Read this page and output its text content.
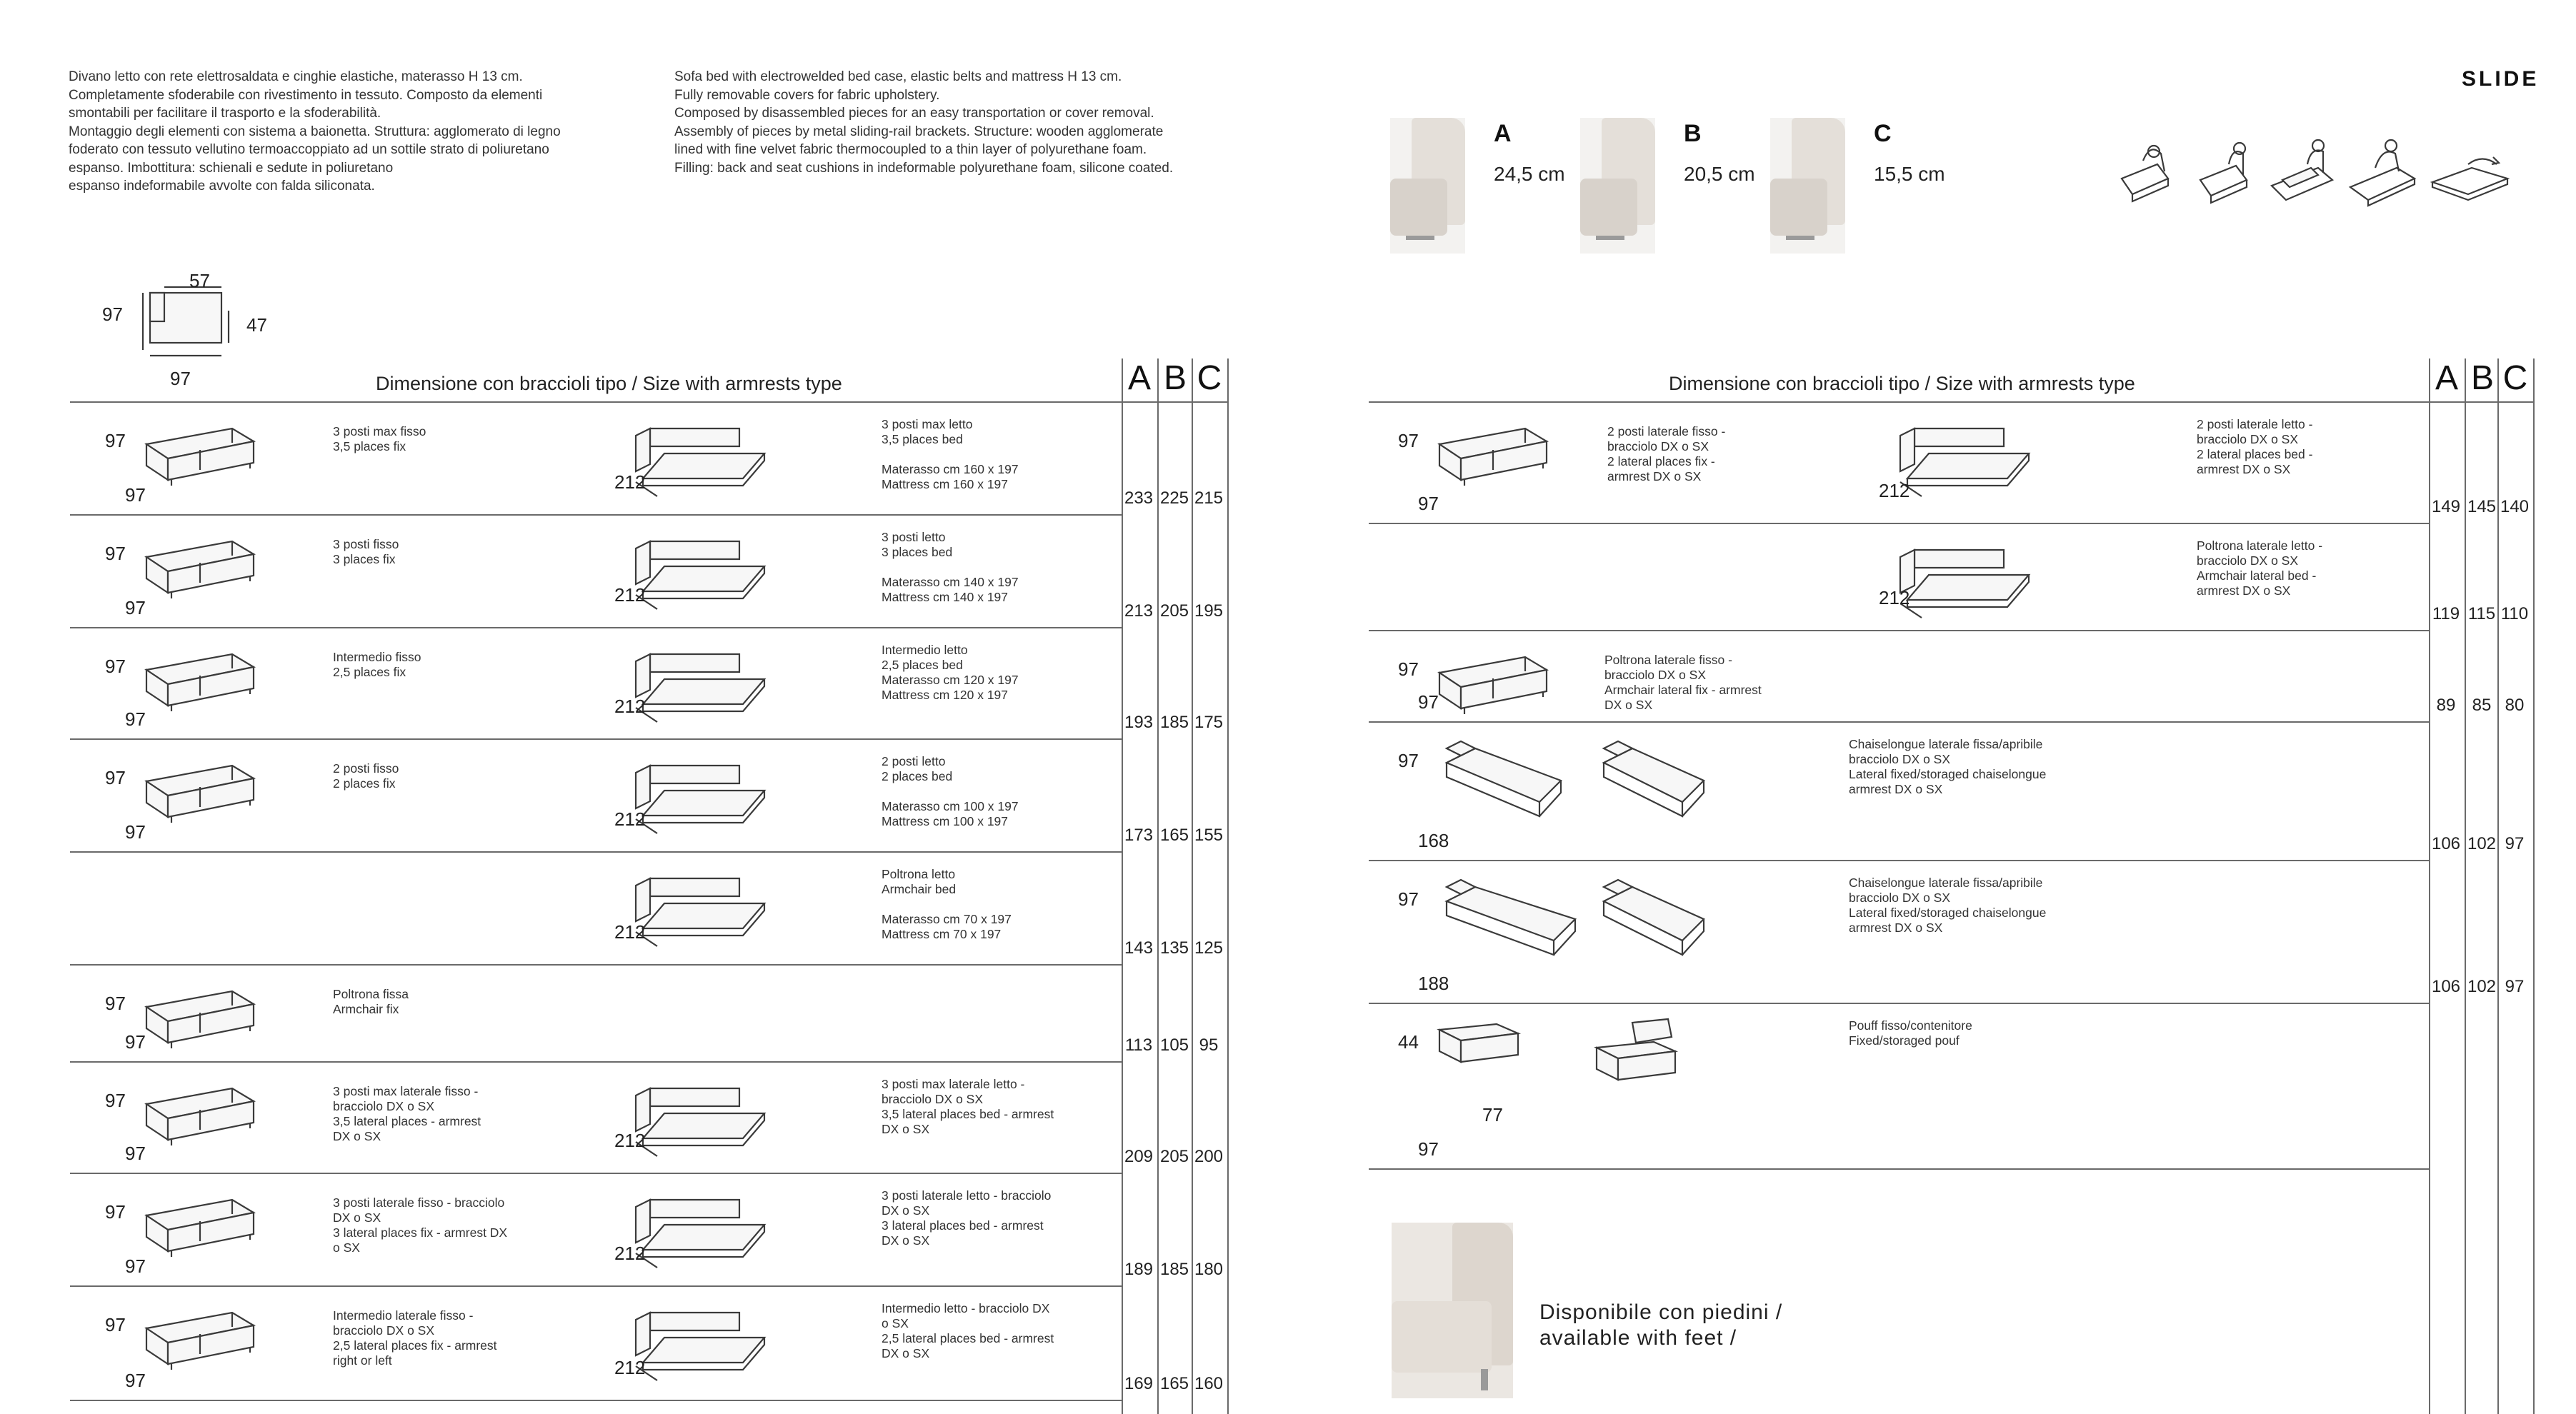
Divano letto con rete elettrosaldata e cinghie elastiche, materasso H 13 cm.
Completamente sfoderabile con rivestimento in tessuto. Composto da elementi
smontabili per facilitare il trasporto e la sfoderabilità.
Montaggio degli elementi con sistema a baionetta. Struttura: agglomerato di legno
foderato con tessuto vellutino termoaccoppiato ad un sottile strato di poliuretano
espanso. Imbottitura: schienali e sedute in poliuretano
espanso indeformabile avvolte con falda siliconata.

Sofa bed with electrowelded bed case, elastic belts and mattress H 13 cm.
Fully removable covers for fabric upholstery.
Composed by disassembled pieces for an easy transportation or cover removal.
Assembly of pieces by metal sliding-rail brackets. Structure: wooden agglomerate
lined with fine velvet fabric thermocoupled to a thin layer of polyurethane foam.
Filling: back and seat cushions in indeformable polyurethane foam, silicone coated.

SLIDE
A
24,5 cm
B
20,5 cm
C
15,5 cm
57
97	47
97	Dimensione con braccioli tipo / Size with armrests type	A B C
97
97
3 posti max fisso
3,5 places fix
212
3 posti max letto
3,5 places bed

Materasso cm 160 x 197
Mattress cm 160 x 197
233 225 215
97
97
3 posti fisso
3 places fix
212
3 posti letto
3 places bed

Materasso cm 140 x 197
Mattress cm 140 x 197
213 205 195
97
97
Intermedio fisso
2,5 places fix
212
Intermedio letto
2,5 places bed
Materasso cm 120 x 197
Mattress cm 120 x 197
193 185 175
97
97
2 posti fisso
2 places fix
212
2 posti letto
2 places bed

Materasso cm 100 x 197
Mattress cm 100 x 197
173 165 155
212
Poltrona letto
Armchair bed

Materasso cm 70 x 197
Mattress cm 70 x 197
143 135 125
97
97
Poltrona fissa
Armchair fix
113 105 95
97
97
3 posti max laterale fisso -
bracciolo DX o SX
3,5 lateral places - armrest
DX o SX	212
3 posti max laterale letto -
bracciolo DX o SX
3,5 lateral places bed - armrest
DX o SX
209 205 200
97
97
3 posti laterale fisso - bracciolo
DX o SX
3 lateral places fix - armrest DX
o SX	212
3 posti laterale letto - bracciolo
DX o SX
3 lateral places bed - armrest
DX o SX
189 185 180
97
97
Intermedio laterale fisso -
bracciolo DX o SX
2,5 lateral places fix - armrest
right or left	212
Intermedio letto - bracciolo DX
o SX
2,5 lateral places bed - armrest
DX o SX
169 165 160
Dimensione con braccioli tipo / Size with armrests type	A B C
97
97
2 posti laterale fisso -
bracciolo DX o SX
2 lateral places fix -
armrest DX o SX
212
2 posti laterale letto -
bracciolo DX o SX
2 lateral places bed -
armrest DX o SX
149 145 140
212
Poltrona laterale letto -
bracciolo DX o SX
Armchair lateral bed -
armrest DX o SX
119 115 110
97
97
Poltrona laterale fisso -
bracciolo DX o SX
Armchair lateral fix - armrest
DX o SX	89 85 80
97
168
Chaiselongue laterale fissa/apribile
bracciolo DX o SX
Lateral fixed/storaged chaiselongue
armrest DX o SX
106 102 97
97
188
Chaiselongue laterale fissa/apribile
bracciolo DX o SX
Lateral fixed/storaged chaiselongue
armrest DX o SX
106 102 97
44
97
77
Pouff fisso/contenitore
Fixed/storaged pouf
Disponibile con piedini /
available with feet /
